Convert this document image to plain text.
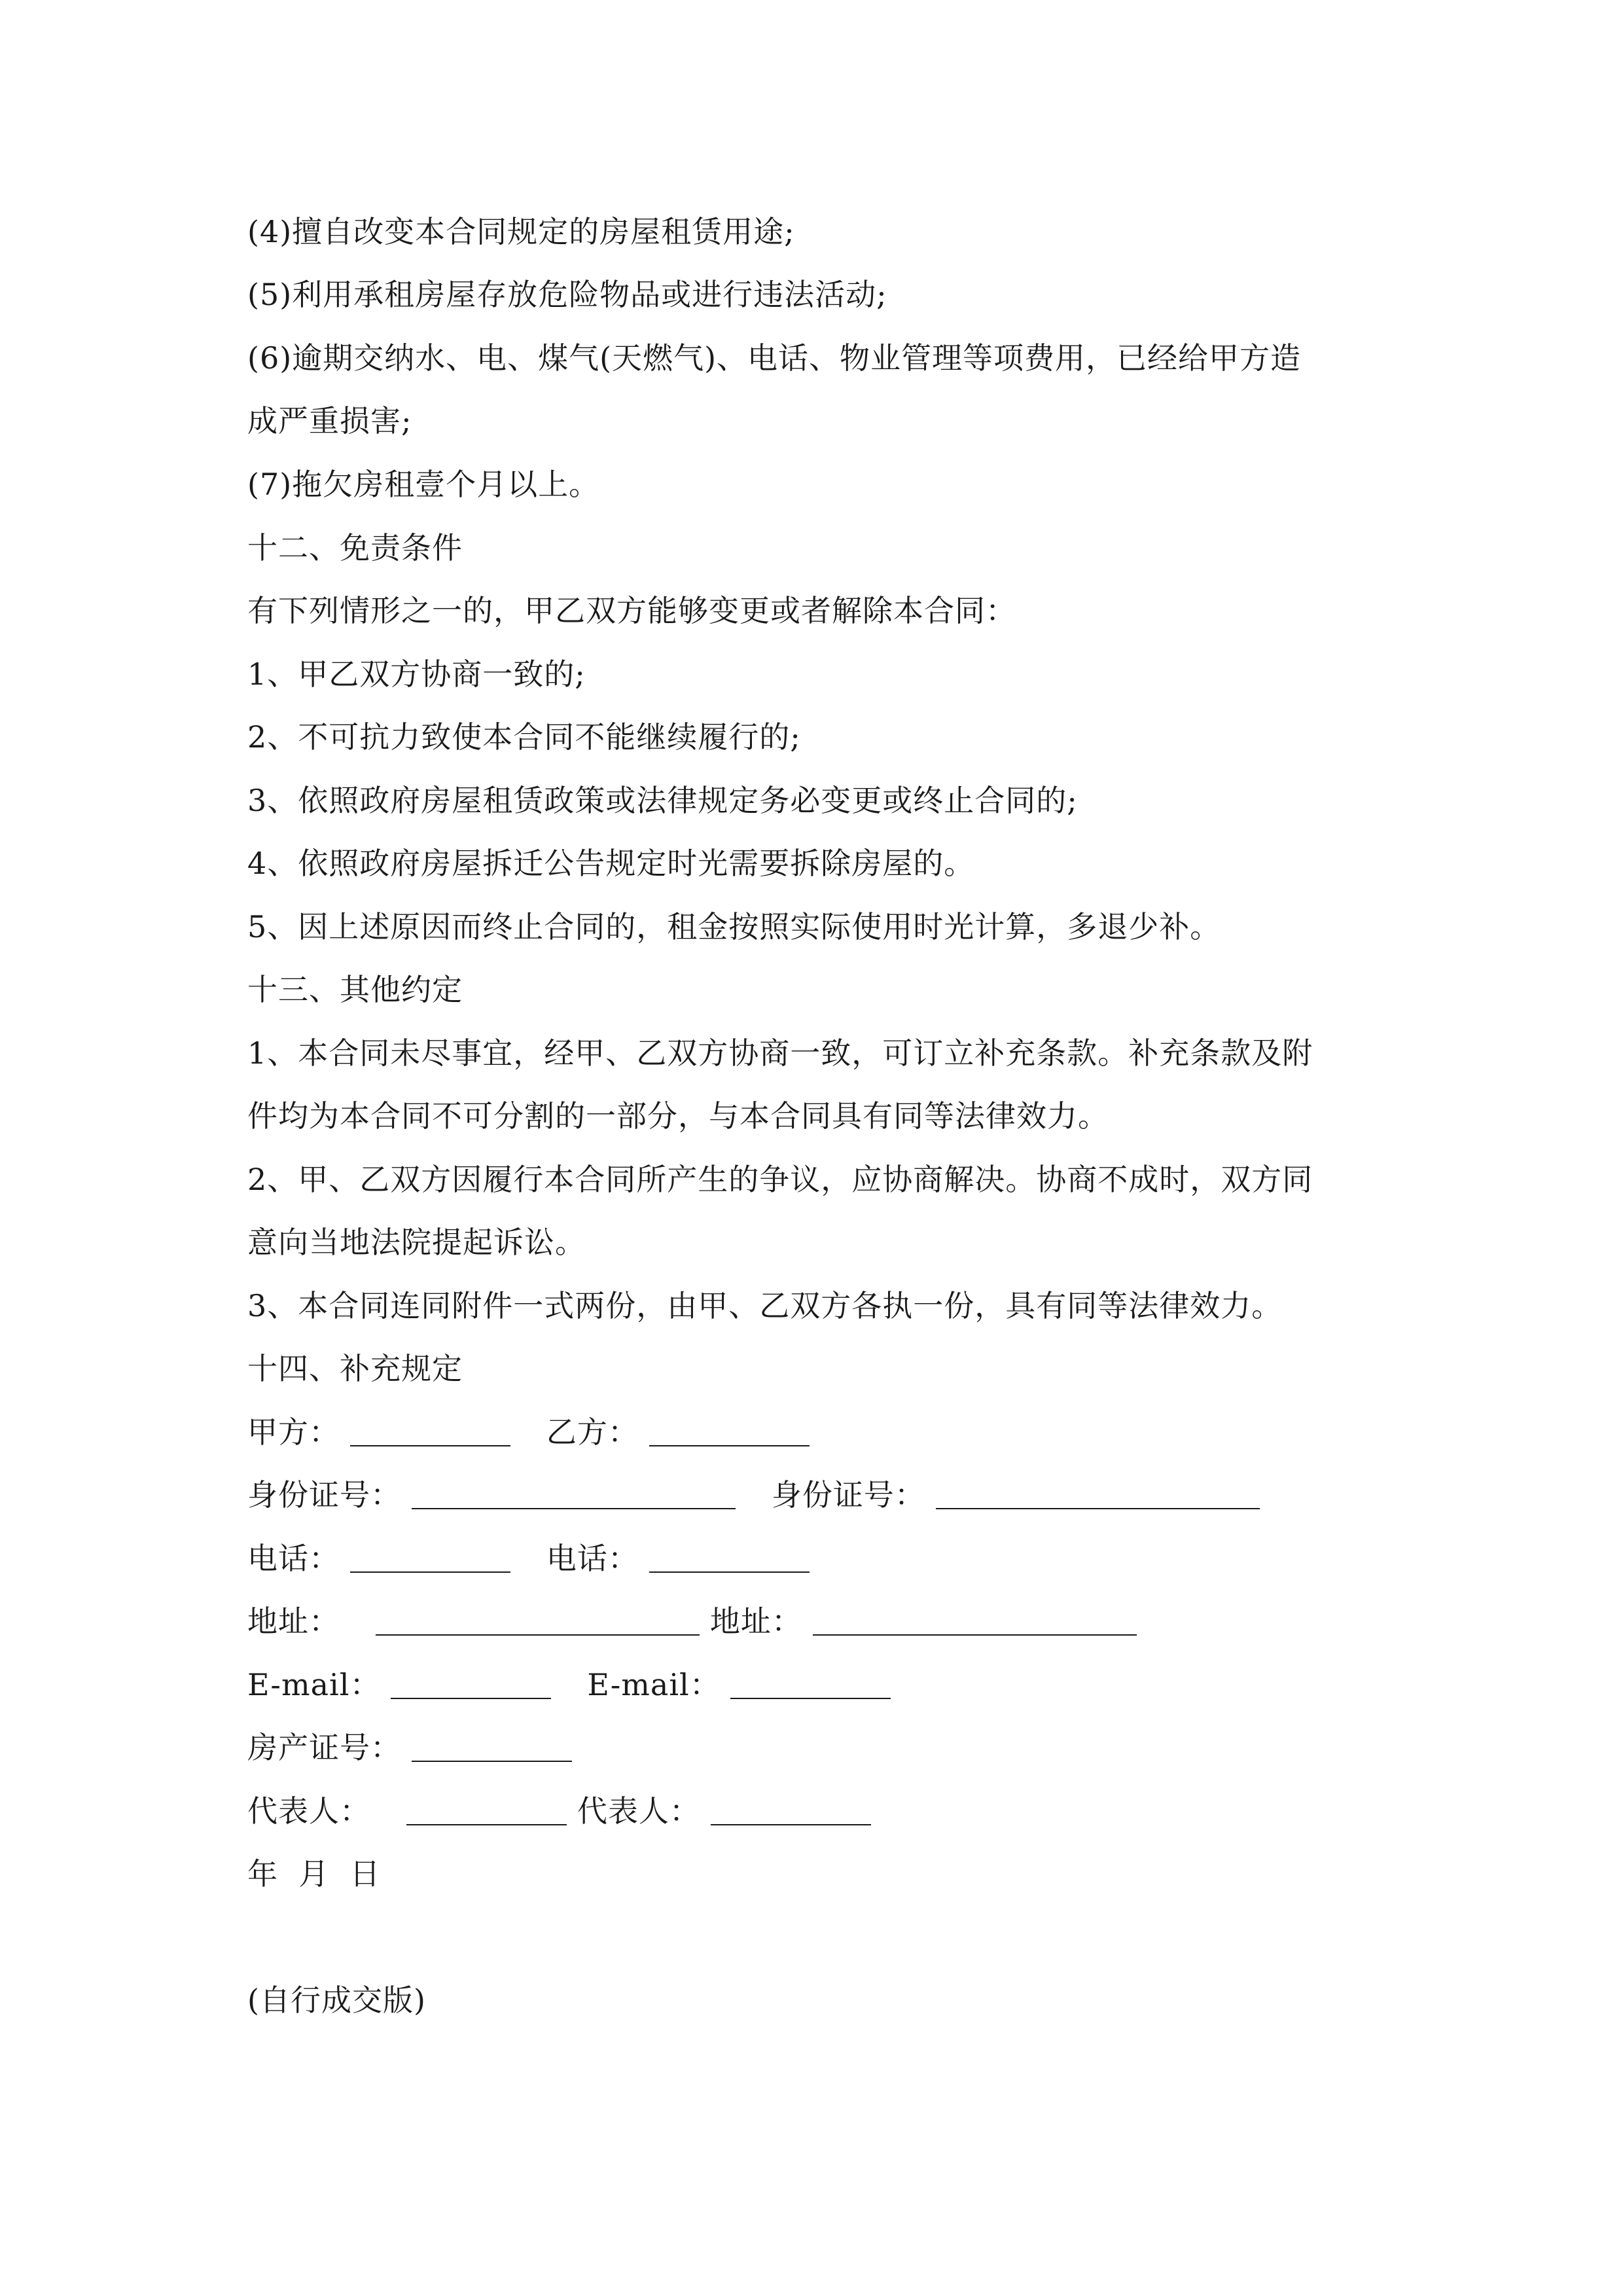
(4)擅自改变本合同规定的房屋租赁用途;
(5)利用承租房屋存放危险物品或进行违法活动;
(6)逾期交纳水、电、煤气(天燃气)、电话、物业管理等项费用，已经给甲方造
成严重损害;
(7)拖欠房租壹个月以上。
十二、免责条件
有下列情形之一的，甲乙双方能够变更或者解除本合同：
1、甲乙双方协商一致的;
2、不可抗力致使本合同不能继续履行的;
3、依照政府房屋租赁政策或法律规定务必变更或终止合同的;
4、依照政府房屋拆迁公告规定时光需要拆除房屋的。
5、因上述原因而终止合同的，租金按照实际使用时光计算，多退少补。
十三、其他约定
1、本合同未尽事宜，经甲、乙双方协商一致，可订立补充条款。补充条款及附
件均为本合同不可分割的一部分，与本合同具有同等法律效力。
2、甲、乙双方因履行本合同所产生的争议，应协商解决。协商不成时，双方同
意向当地法院提起诉讼。
3、本合同连同附件一式两份，由甲、乙双方各执一份，具有同等法律效力。
十四、补充规定
甲方：	乙方：
身份证号：	身份证号：
电话：	电话：
地址：	地址：
E-mail：	E-mail：
房产证号：
代表人：	代表人：
年  月  日
(自行成交版)
